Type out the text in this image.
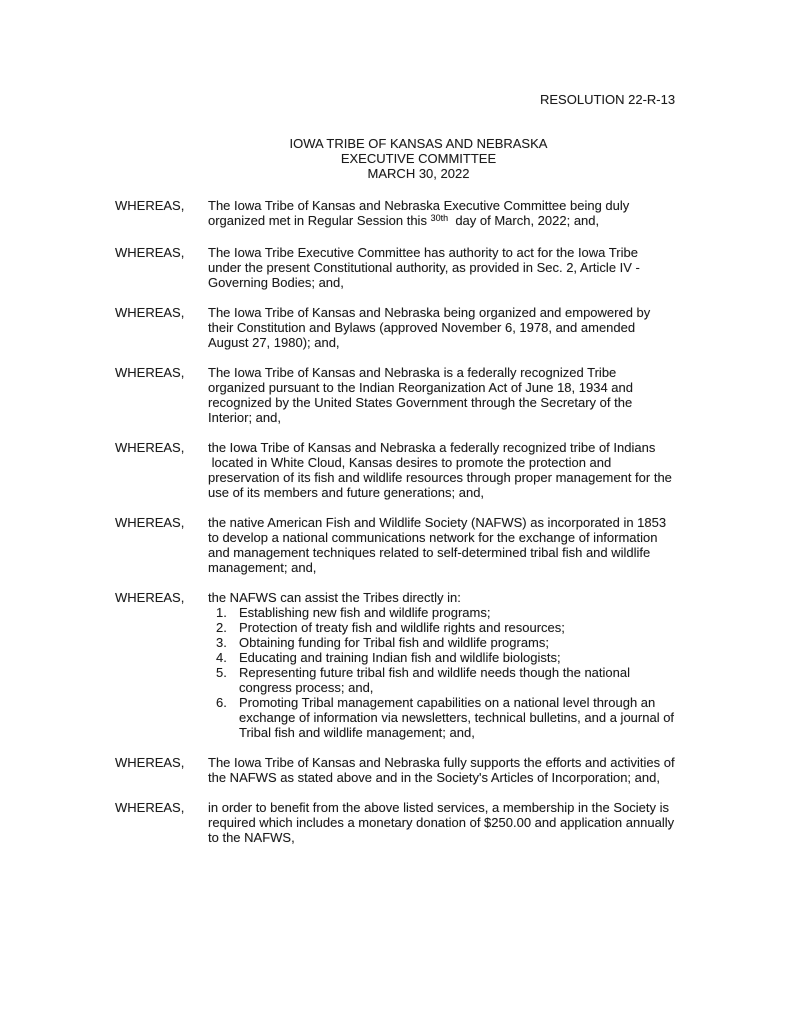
RESOLUTION 22-R-13
IOWA TRIBE OF KANSAS AND NEBRASKA
EXECUTIVE COMMITTEE
MARCH 30, 2022
WHEREAS,	The Iowa Tribe of Kansas and Nebraska Executive Committee being duly
organized met in Regular Session this $^{30th}$  day of March, 2022; and,
WHEREAS,	The Iowa Tribe Executive Committee has authority to act for the Iowa Tribe
under the present Constitutional authority, as provided in Sec. 2, Article IV -
Governing Bodies; and,
WHEREAS,	The Iowa Tribe of Kansas and Nebraska being organized and empowered by
their Constitution and Bylaws (approved November 6, 1978, and amended
August 27, 1980); and,
WHEREAS,	The Iowa Tribe of Kansas and Nebraska is a federally recognized Tribe
organized pursuant to the Indian Reorganization Act of June 18, 1934 and
recognized by the United States Government through the Secretary of the
Interior; and,
WHEREAS,	the Iowa Tribe of Kansas and Nebraska a federally recognized tribe of Indians
located in White Cloud, Kansas desires to promote the protection and
preservation of its fish and wildlife resources through proper management for the
use of its members and future generations; and,
WHEREAS,	the native American Fish and Wildlife Society (NAFWS) as incorporated in 1853
to develop a national communications network for the exchange of information
and management techniques related to self-determined tribal fish and wildlife
management; and,
WHEREAS,	the NAFWS can assist the Tribes directly in:
1. Establishing new fish and wildlife programs;
2. Protection of treaty fish and wildlife rights and resources;
3. Obtaining funding for Tribal fish and wildlife programs;
4. Educating and training Indian fish and wildlife biologists;
5. Representing future tribal fish and wildlife needs though the national
congress process; and,
6. Promoting Tribal management capabilities on a national level through an
exchange of information via newsletters, technical bulletins, and a journal of
Tribal fish and wildlife management; and,
WHEREAS,	The Iowa Tribe of Kansas and Nebraska fully supports the efforts and activities of
the NAFWS as stated above and in the Society's Articles of Incorporation; and,
WHEREAS,	in order to benefit from the above listed services, a membership in the Society is
required which includes a monetary donation of $250.00 and application annually
to the NAFWS,
